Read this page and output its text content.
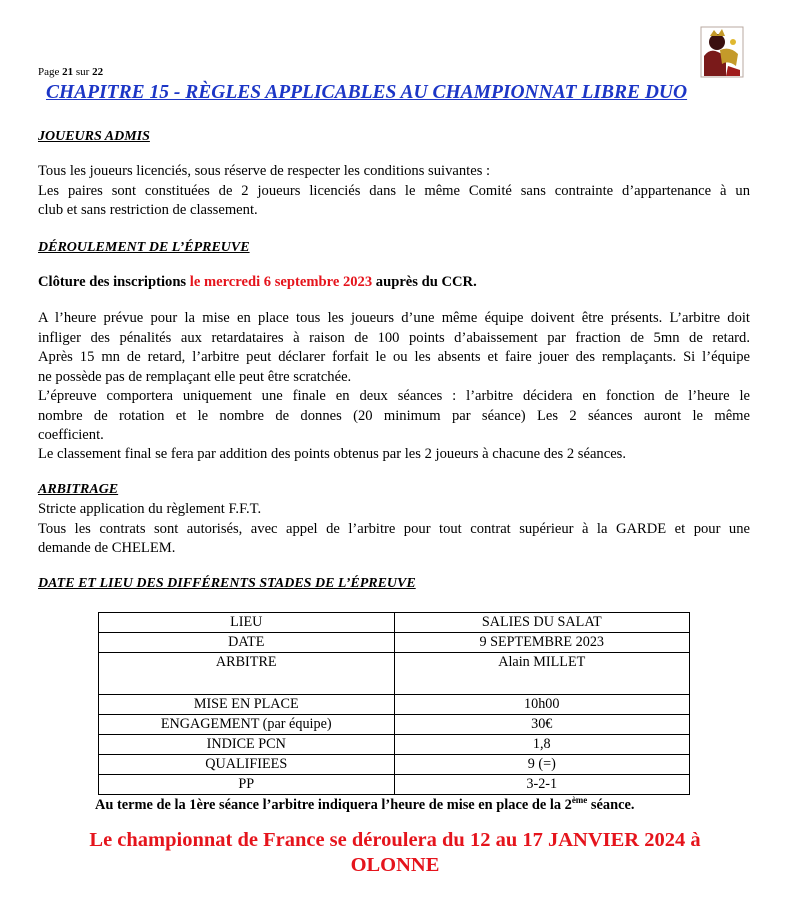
Page 21 sur 22
CHAPITRE 15 - RÈGLES APPLICABLES AU CHAMPIONNAT LIBRE DUO
JOUEURS ADMIS
Tous les joueurs licenciés, sous réserve de respecter les conditions suivantes :
Les paires sont constituées de 2 joueurs licenciés dans le même Comité sans contrainte d’appartenance à un
club et sans restriction de classement.
DÉROULEMENT DE L’ÉPREUVE
Clôture des inscriptions le mercredi 6 septembre 2023 auprès du CCR.
A l’heure prévue pour la mise en place tous les joueurs d’une même équipe doivent être présents. L’arbitre doit
infliger des pénalités aux retardataires à raison de 100 points d’abaissement par fraction de 5mn de retard.
Après 15 mn de retard, l’arbitre peut déclarer forfait le ou les absents et faire jouer des remplaçants. Si l’équipe
ne possède pas de remplaçant elle peut être scratchée.
L’épreuve comportera uniquement une finale en deux séances : l’arbitre décidera en fonction de l’heure le
nombre de rotation et le nombre de donnes (20 minimum par séance) Les 2 séances auront le même
coefficient.
Le classement final se fera par addition des points obtenus par les 2 joueurs à chacune des 2 séances.
ARBITRAGE
Stricte application du règlement F.F.T.
Tous les contrats sont autorisés, avec appel de l’arbitre pour tout contrat supérieur à la GARDE et pour une
demande de CHELEM.
DATE ET LIEU DES DIFFÉRENTS STADES DE L’ÉPREUVE
LIEU	SALIES DU SALAT
DATE	9 SEPTEMBRE 2023
ARBITRE	Alain MILLET
MISE EN PLACE	10h00
ENGAGEMENT (par équipe)	30€
INDICE PCN	1,8
QUALIFIEES	9 (=)
PP	3-2-1
Au terme de la 1ère séance l’arbitre indiquera l’heure de mise en place de la 2ème séance.
Le championnat de France se déroulera du 12 au 17 JANVIER 2024 à
OLONNE
